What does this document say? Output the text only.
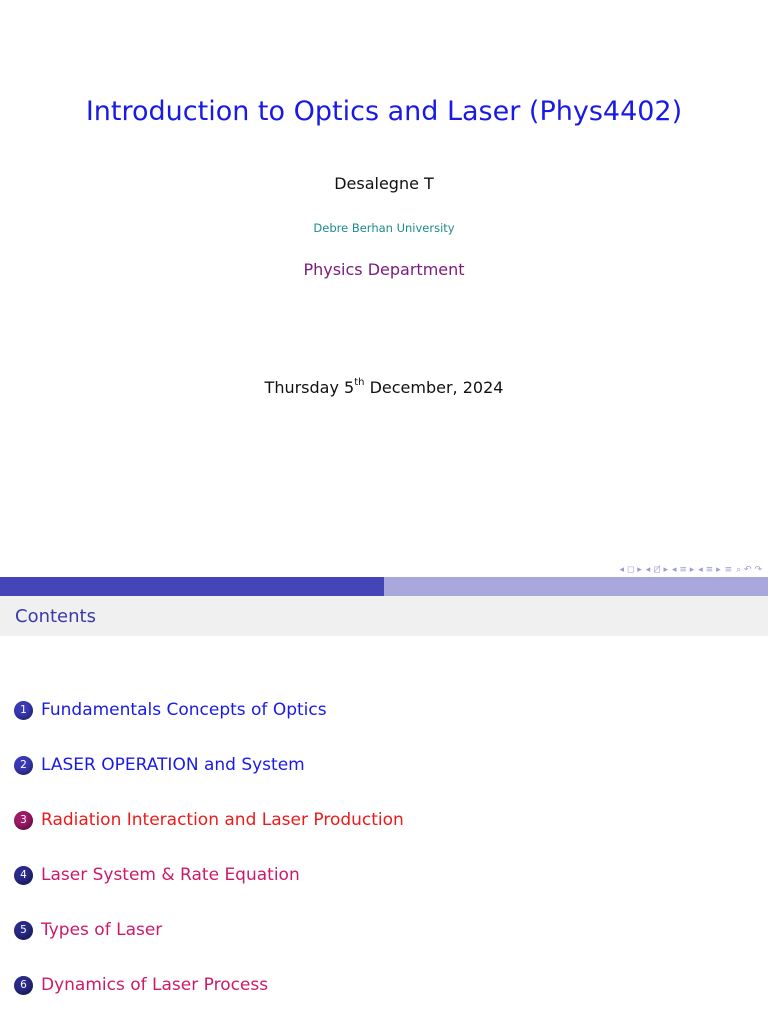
Introduction to Optics and Laser (Phys4402)
Desalegne T
Debre Berhan University
Physics Department
Thursday 5th December, 2024
◂ ◻ ▸ ◂ ◻̸ ▸ ◂ ≡ ▸ ◂ ≡ ▸ ≡ ⌕ ↶ ↷
Contents
1 Fundamentals Concepts of Optics
2 LASER OPERATION and System
3 Radiation Interaction and Laser Production
4 Laser System & Rate Equation
5 Types of Laser
6 Dynamics of Laser Process
